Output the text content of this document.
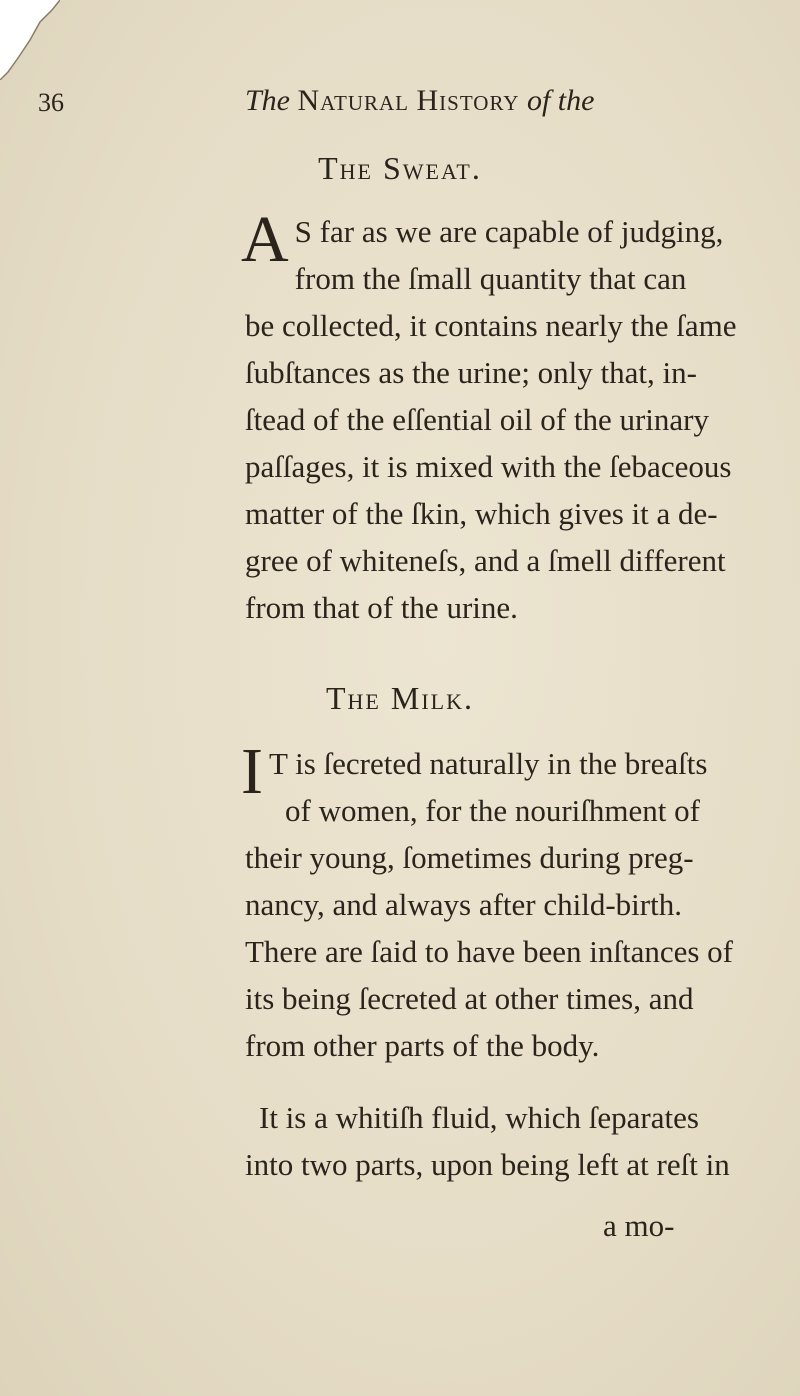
36	The Natural History of the
The Sweat.
A S far as we are capable of judging,
from the ſmall quantity that can
be collected, it contains nearly the ſame
ſubſtances as the urine; only that, in-
ſtead of the eſſential oil of the urinary
paſſages, it is mixed with the ſebaceous
matter of the ſkin, which gives it a de-
gree of whiteneſs, and a ſmell different
from that of the urine.
The Milk.
I T is ſecreted naturally in the breaſts
of women, for the nouriſhment of
their young, ſometimes during preg-
nancy, and always after child-birth.
There are ſaid to have been inſtances of
its being ſecreted at other times, and
from other parts of the body.
It is a whitiſh fluid, which ſeparates
into two parts, upon being left at reſt in
a mo-
